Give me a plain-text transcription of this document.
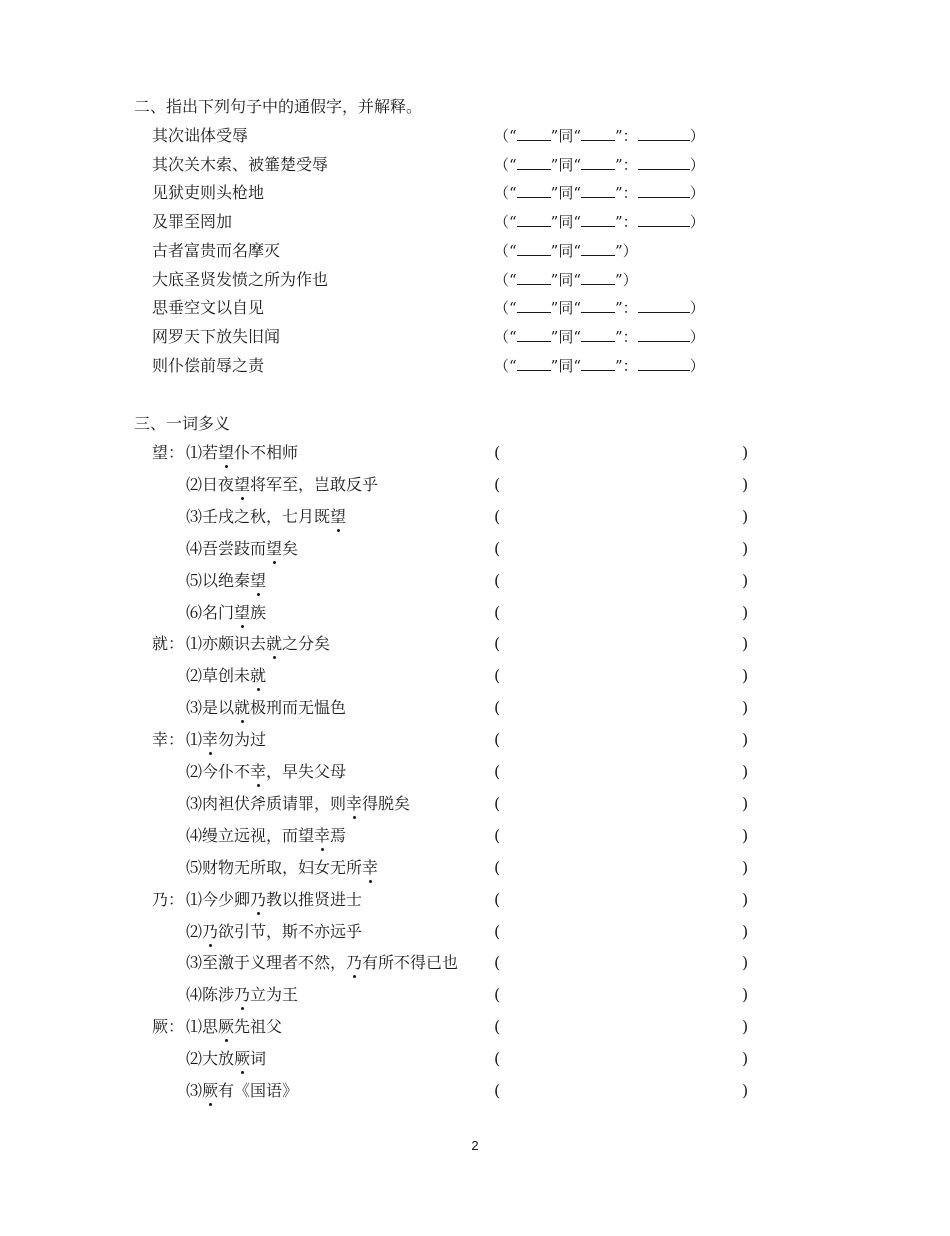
二、指出下列句子中的通假字，并解释。
其次诎体受辱	（“ ”同“ ”：	）
其次关木索、被箠楚受辱	（“ ”同“ ”：	）
见狱吏则头枪地	（“ ”同“ ”：	）
及罪至罔加	（“ ”同“ ”：	）
古者富贵而名摩灭	（“ ”同“ ”）
大底圣贤发愤之所为作也	（“ ”同“ ”）
思垂空文以自见	（“ ”同“ ”：	）
网罗天下放失旧闻	（“ ”同“ ”：	）
则仆偿前辱之责	（“ ”同“ ”：	）
三、一词多义
望： ⑴若望仆不相师	(	)
⑵日夜望将军至，岂敢反乎	(	)
⑶壬戌之秋，七月既望	(	)
⑷吾尝跂而望矣	(	)
⑸以绝秦望	(	)
⑹名门望族	(	)
就： ⑴亦颇识去就之分矣	(	)
⑵草创未就	(	)
⑶是以就极刑而无愠色	(	)
幸： ⑴幸勿为过	(	)
⑵今仆不幸，早失父母	(	)
⑶肉袒伏斧质请罪，则幸得脱矣	(	)
⑷缦立远视，而望幸焉	(	)
⑸财物无所取，妇女无所幸	(	)
乃： ⑴今少卿乃教以推贤进士	(	)
⑵乃欲引节，斯不亦远乎	(	)
⑶至激于义理者不然，乃有所不得已也 (	)
⑷陈涉乃立为王	(	)
厥： ⑴思厥先祖父	(	)
⑵大放厥词	(	)
⑶厥有《国语》	(	)
2
